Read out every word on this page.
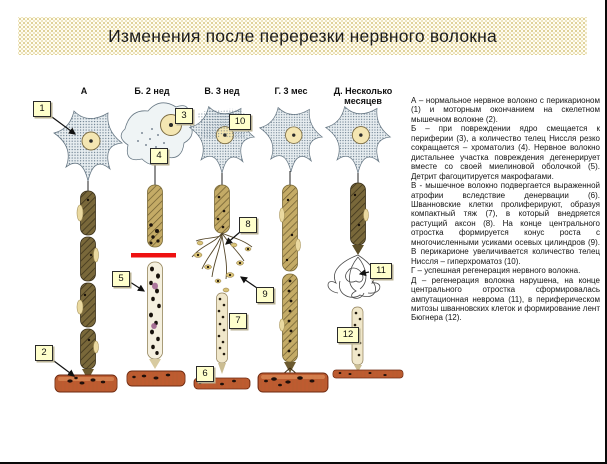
Изменения после перерезки нервного волокна
А	Б. 2 нед	В. 3 нед	Г. 3 мес	Д. Несколько месяцев
1
2
3
4
5
6
7
8
9
10
11
12

А – нормальное нервное волокно с перикарионом (1) и моторным окончанием на скелетном мышечном волокне (2).

Б – при повреждении ядро смещается к периферии (3), а количество телец Ниссля резко сокращается – хроматолиз (4). Нервное волокно дистальнее участка повреждения дегенерирует вместе со своей миелиновой оболочкой (5). Детрит фагоцитируется макрофагами.

В - мышечное волокно подвергается выраженной атрофии вследствие денервации (6). Шванновские клетки пролиферируют, образуя компактный тяж (7), в который внедряется растущий аксон (8). На конце центрального отростка формируется конус роста с многочисленными усиками осевых цилиндров (9). В перикарионе увеличивается количество телец Ниссля – гиперхроматоз (10).

Г – успешная регенерация нервного волокна.

Д – регенерация волокна нарушена, на конце центрального отростка сформировалась ампутационная неврома (11), в периферическом митозы шванновских клеток и формирование лент Бюгнера (12).
